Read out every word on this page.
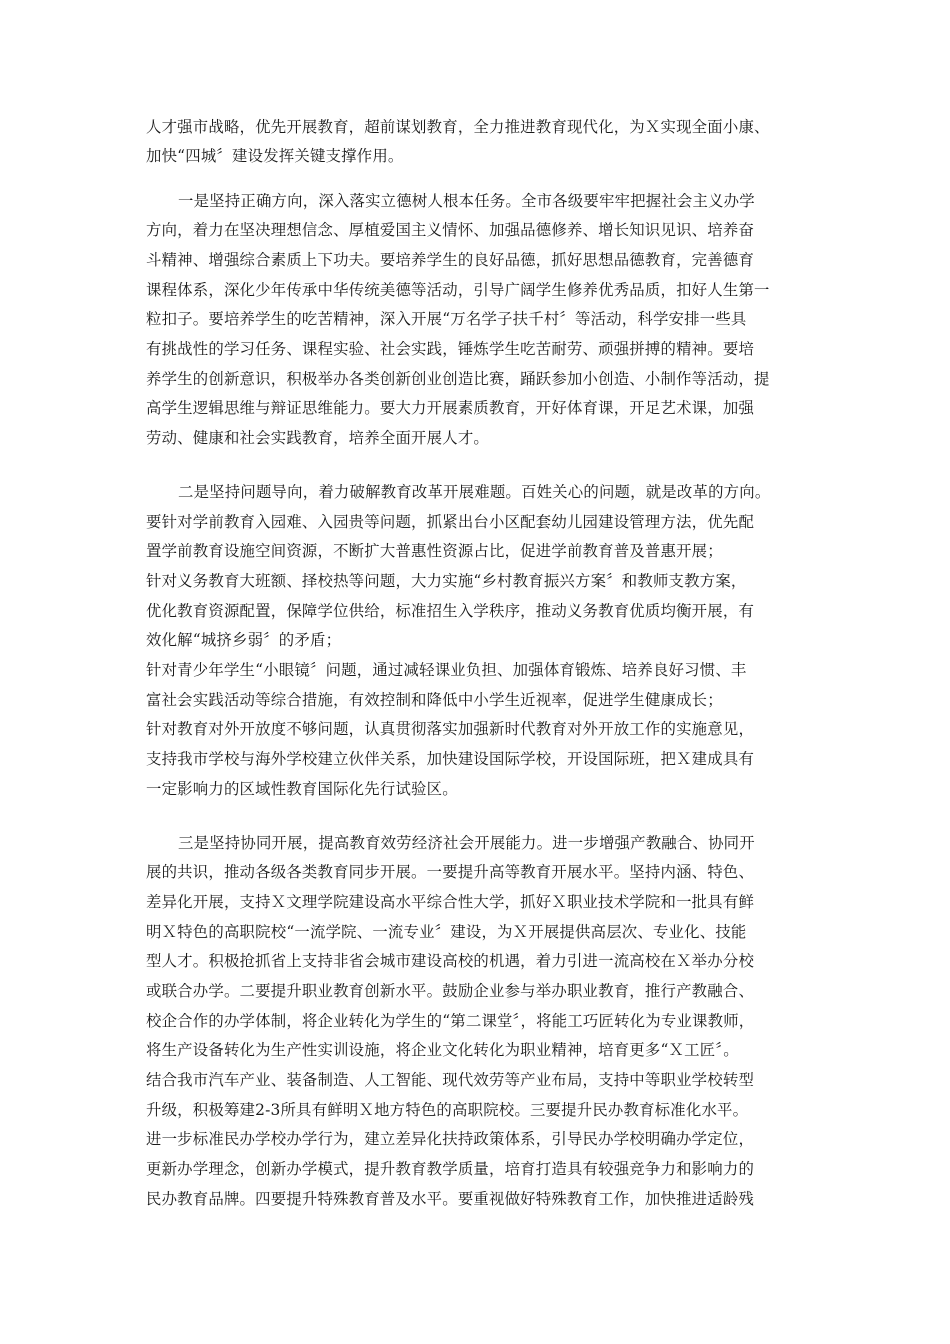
人才强市战略，优先开展教育，超前谋划教育，全力推进教育现代化，为Ｘ实现全面小康、
加快“四城〞建设发挥关键支撑作用。
一是坚持正确方向，深入落实立德树人根本任务。全市各级要牢牢把握社会主义办学
方向，着力在坚决理想信念、厚植爱国主义情怀、加强品德修养、增长知识见识、培养奋
斗精神、增强综合素质上下功夫。要培养学生的良好品德，抓好思想品德教育，完善德育
课程体系，深化少年传承中华传统美德等活动，引导广阔学生修养优秀品质，扣好人生第一
粒扣子。要培养学生的吃苦精神，深入开展“万名学子扶千村〞等活动，科学安排一些具
有挑战性的学习任务、课程实验、社会实践，锤炼学生吃苦耐劳、顽强拼搏的精神。要培
养学生的创新意识，积极举办各类创新创业创造比赛，踊跃参加小创造、小制作等活动，提
高学生逻辑思维与辩证思维能力。要大力开展素质教育，开好体育课，开足艺术课，加强
劳动、健康和社会实践教育，培养全面开展人才。
二是坚持问题导向，着力破解教育改革开展难题。百姓关心的问题，就是改革的方向。
要针对学前教育入园难、入园贵等问题，抓紧出台小区配套幼儿园建设管理方法，优先配
置学前教育设施空间资源，不断扩大普惠性资源占比，促进学前教育普及普惠开展；
针对义务教育大班额、择校热等问题，大力实施“乡村教育振兴方案〞和教师支教方案，
优化教育资源配置，保障学位供给，标准招生入学秩序，推动义务教育优质均衡开展，有
效化解“城挤乡弱〞的矛盾；
针对青少年学生“小眼镜〞问题，通过减轻课业负担、加强体育锻炼、培养良好习惯、丰
富社会实践活动等综合措施，有效控制和降低中小学生近视率，促进学生健康成长；
针对教育对外开放度不够问题，认真贯彻落实加强新时代教育对外开放工作的实施意见，
支持我市学校与海外学校建立伙伴关系，加快建设国际学校，开设国际班，把Ｘ建成具有
一定影响力的区域性教育国际化先行试验区。
三是坚持协同开展，提高教育效劳经济社会开展能力。进一步增强产教融合、协同开
展的共识，推动各级各类教育同步开展。一要提升高等教育开展水平。坚持内涵、特色、
差异化开展，支持Ｘ文理学院建设高水平综合性大学，抓好Ｘ职业技术学院和一批具有鲜
明Ｘ特色的高职院校“一流学院、一流专业〞建设，为Ｘ开展提供高层次、专业化、技能
型人才。积极抢抓省上支持非省会城市建设高校的机遇，着力引进一流高校在Ｘ举办分校
或联合办学。二要提升职业教育创新水平。鼓励企业参与举办职业教育，推行产教融合、
校企合作的办学体制，将企业转化为学生的“第二课堂〞，将能工巧匠转化为专业课教师，
将生产设备转化为生产性实训设施，将企业文化转化为职业精神，培育更多“Ｘ工匠〞。
结合我市汽车产业、装备制造、人工智能、现代效劳等产业布局，支持中等职业学校转型
升级，积极筹建2-3所具有鲜明Ｘ地方特色的高职院校。三要提升民办教育标准化水平。
进一步标准民办学校办学行为，建立差异化扶持政策体系，引导民办学校明确办学定位，
更新办学理念，创新办学模式，提升教育教学质量，培育打造具有较强竞争力和影响力的
民办教育品牌。四要提升特殊教育普及水平。要重视做好特殊教育工作，加快推进适龄残
